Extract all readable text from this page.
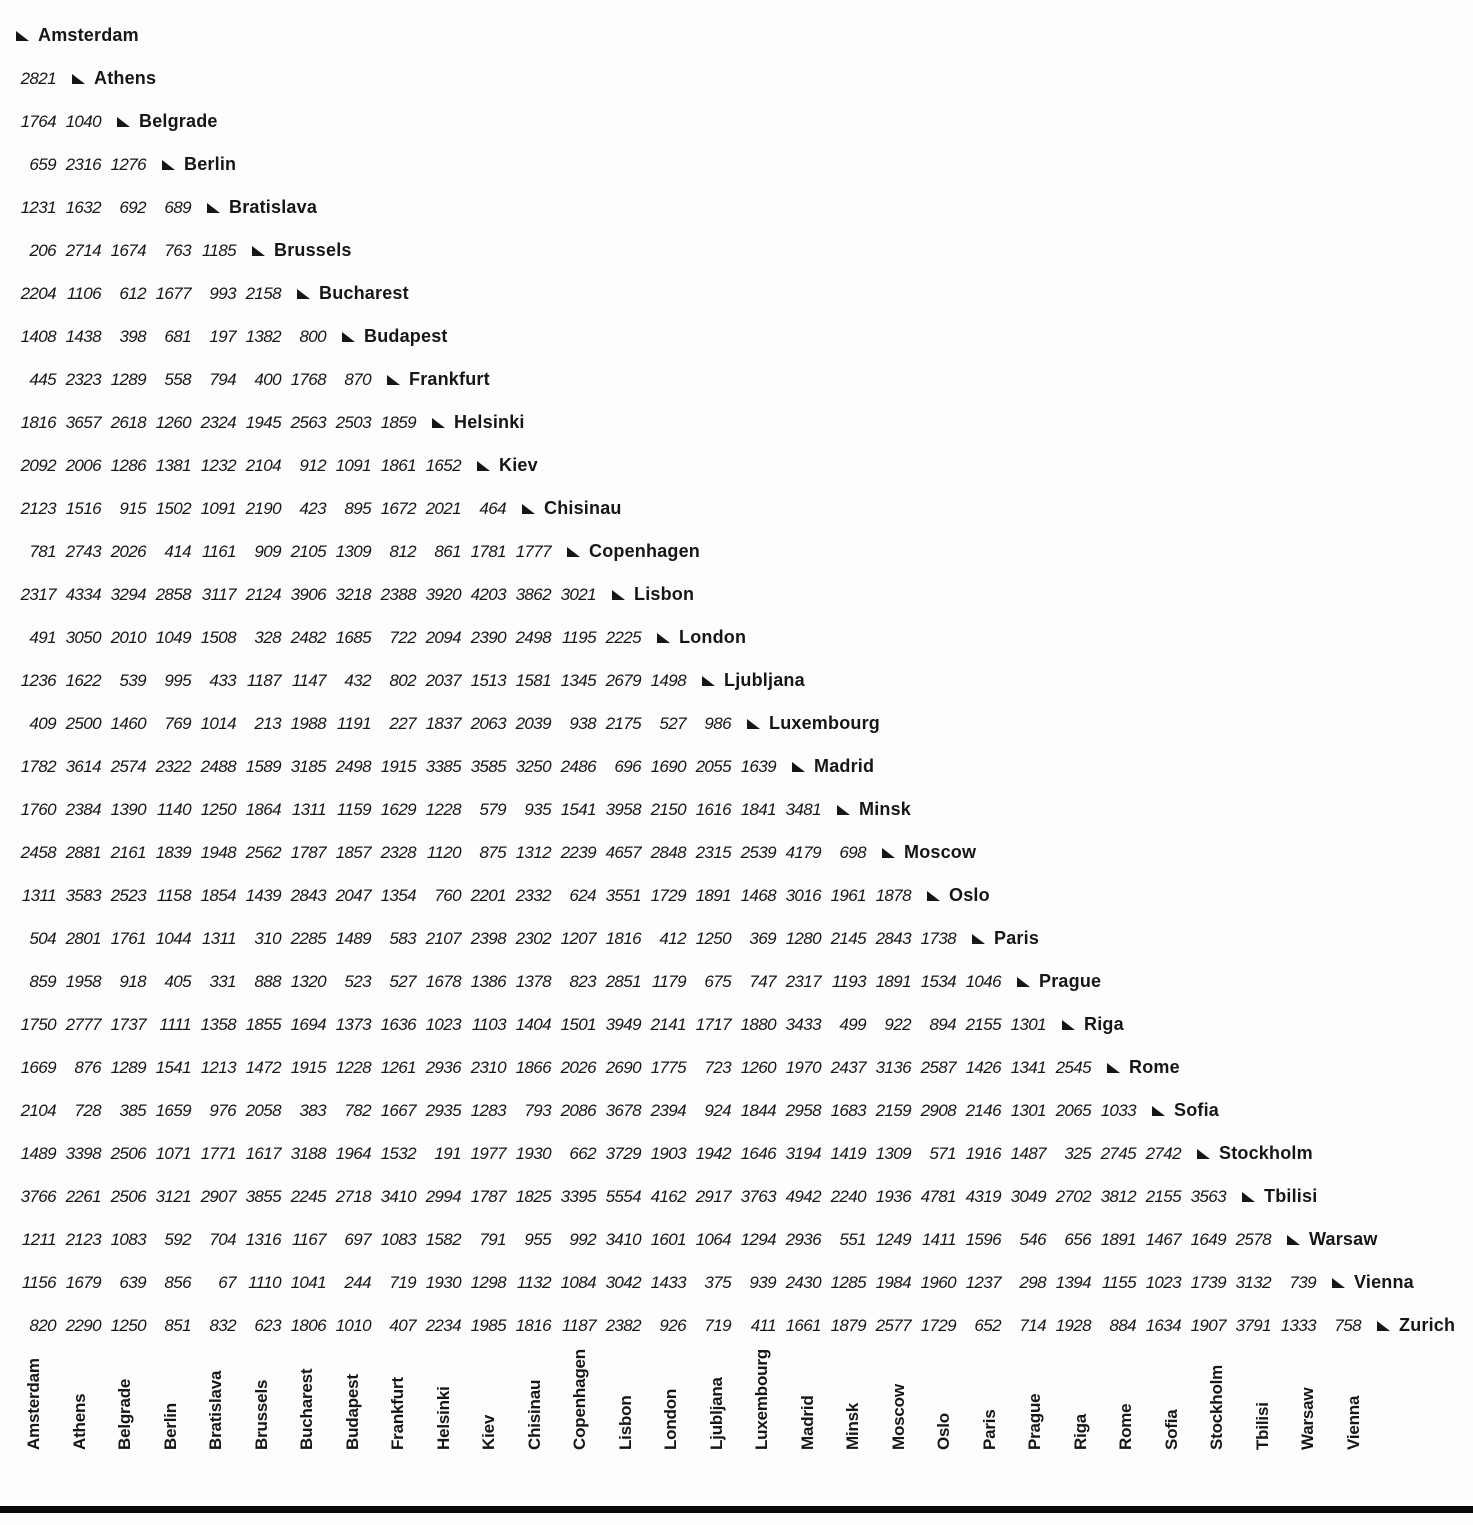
Amsterdam
2821 Athens
1764 1040 Belgrade
659 2316 1276 Berlin
1231 1632	692	689 Bratislava
206 2714 1674	763 1185 Brussels
2204 1106	612 1677	993 2158 Bucharest
1408 1438	398	681	197 1382	800 Budapest
445 2323 1289	558	794	400 1768	870 Frankfurt
1816 3657 2618 1260 2324 1945 2563 2503 1859 Helsinki
2092 2006 1286 1381 1232 2104	912 1091 1861 1652 Kiev
2123 1516	915 1502 1091 2190	423	895 1672 2021	464 Chisinau
781 2743 2026	414 1161	909 2105 1309	812	861 1781 1777 Copenhagen
2317 4334 3294 2858 3117 2124 3906 3218 2388 3920 4203 3862 3021 Lisbon
491 3050 2010 1049 1508	328 2482 1685	722 2094 2390 2498 1195 2225 London
1236 1622	539	995	433 1187 1147	432	802 2037 1513 1581 1345 2679 1498 Ljubljana
409 2500 1460	769 1014	213 1988 1191	227 1837 2063 2039	938 2175	527	986 Luxembourg
1782 3614 2574 2322 2488 1589 3185 2498 1915 3385 3585 3250 2486	696 1690 2055 1639 Madrid
1760 2384 1390 1140 1250 1864 1311 1159 1629 1228	579	935 1541 3958 2150 1616 1841 3481 Minsk
2458 2881 2161 1839 1948 2562 1787 1857 2328 1120	875 1312 2239 4657 2848 2315 2539 4179	698 Moscow
1311 3583 2523 1158 1854 1439 2843 2047 1354	760 2201 2332	624 3551 1729 1891 1468 3016 1961 1878 Oslo
504 2801 1761 1044 1311	310 2285 1489	583 2107 2398 2302 1207 1816	412 1250	369 1280 2145 2843 1738 Paris
859 1958	918	405	331	888 1320	523	527 1678 1386 1378	823 2851 1179	675	747 2317 1193 1891 1534 1046 Prague
1750 2777 1737 1111 1358 1855 1694 1373 1636 1023 1103 1404 1501 3949 2141 1717 1880 3433	499	922	894 2155 1301 Riga
1669	876 1289 1541 1213 1472 1915 1228 1261 2936 2310 1866 2026 2690 1775	723 1260 1970 2437 3136 2587 1426 1341 2545 Rome
2104	728	385 1659	976 2058	383	782 1667 2935 1283	793 2086 3678 2394	924 1844 2958 1683 2159 2908 2146 1301 2065 1033 Sofia
1489 3398 2506 1071 1771 1617 3188 1964 1532	191 1977 1930	662 3729 1903 1942 1646 3194 1419 1309	571 1916 1487	325 2745 2742 Stockholm
3766 2261 2506 3121 2907 3855 2245 2718 3410 2994 1787 1825 3395 5554 4162 2917 3763 4942 2240 1936 4781 4319 3049 2702 3812 2155 3563 Tbilisi
1211 2123 1083	592	704 1316 1167	697 1083 1582	791	955	992 3410 1601 1064 1294 2936	551 1249 1411 1596	546	656 1891 1467 1649 2578 Warsaw
1156 1679	639	856	67 1110 1041	244	719 1930 1298 1132 1084 3042 1433	375	939 2430 1285 1984 1960 1237	298 1394 1155 1023 1739 3132	739 Vienna
820 2290 1250	851	832	623 1806 1010	407 2234 1985 1816 1187 2382	926	719	411 1661 1879 2577 1729	652	714 1928	884 1634 1907 3791 1333	758 Zurich
Amsterdam Athens Belgrade Berlin Bratislava Brussels Bucharest Budapest Frankfurt Helsinki Kiev Chisinau Copenhagen Lisbon London Ljubljana Luxembourg Madrid Minsk Moscow Oslo Paris Prague Riga Rome Sofia Stockholm Tbilisi Warsaw Vienna
